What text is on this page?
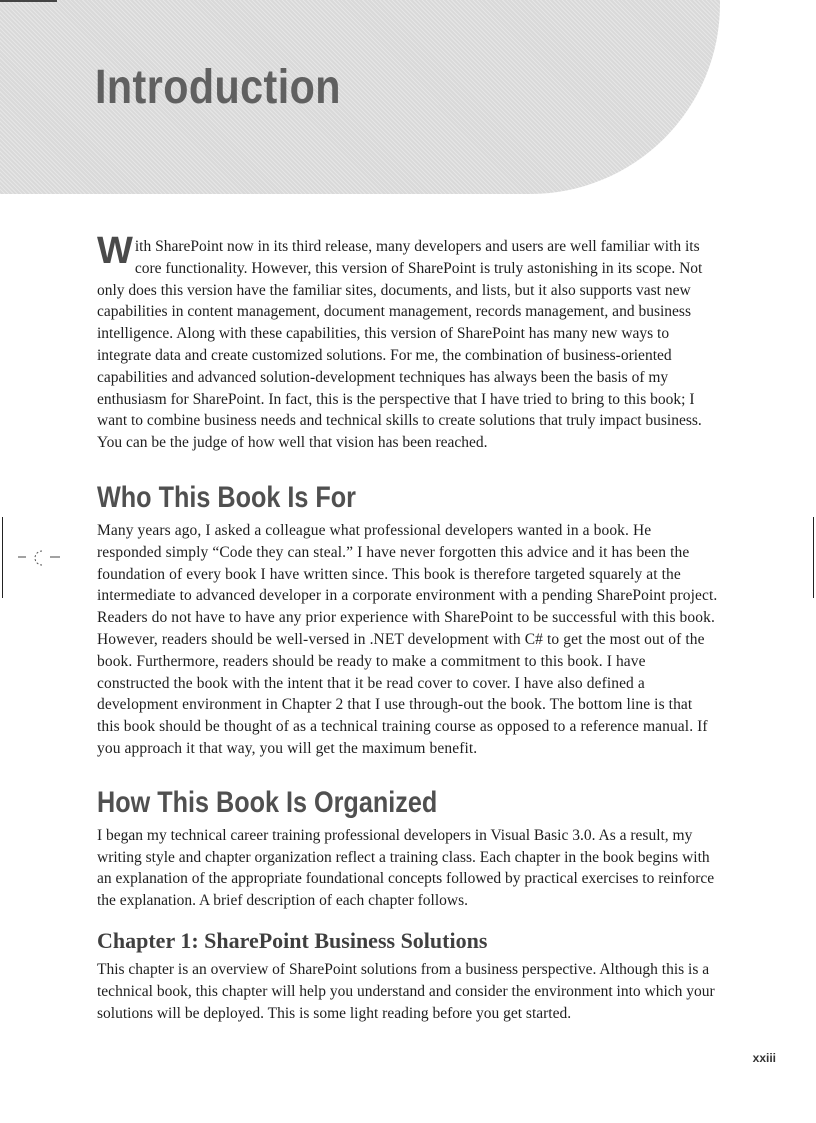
Introduction

With SharePoint now in its third release, many developers and users are well familiar with its core functionality. However, this version of SharePoint is truly astonishing in its scope. Not only does this version have the familiar sites, documents, and lists, but it also supports vast new capabilities in content management, document management, records management, and business intelligence. Along with these capabilities, this version of SharePoint has many new ways to integrate data and create customized solutions. For me, the combination of business-oriented capabilities and advanced solution-development techniques has always been the basis of my enthusiasm for SharePoint. In fact, this is the perspective that I have tried to bring to this book; I want to combine business needs and technical skills to create solutions that truly impact business. You can be the judge of how well that vision has been reached.

Who This Book Is For

Many years ago, I asked a colleague what professional developers wanted in a book. He responded simply “Code they can steal.” I have never forgotten this advice and it has been the foundation of every book I have written since. This book is therefore targeted squarely at the intermediate to advanced developer in a corporate environment with a pending SharePoint project. Readers do not have to have any prior experience with SharePoint to be successful with this book. However, readers should be well-versed in .NET development with C# to get the most out of the book. Furthermore, readers should be ready to make a commitment to this book. I have constructed the book with the intent that it be read cover to cover. I have also defined a development environment in Chapter 2 that I use through-out the book. The bottom line is that this book should be thought of as a technical training course as opposed to a reference manual. If you approach it that way, you will get the maximum benefit.

How This Book Is Organized

I began my technical career training professional developers in Visual Basic 3.0. As a result, my writing style and chapter organization reflect a training class. Each chapter in the book begins with an explanation of the appropriate foundational concepts followed by practical exercises to reinforce the explanation. A brief description of each chapter follows.

Chapter 1: SharePoint Business Solutions

This chapter is an overview of SharePoint solutions from a business perspective. Although this is a technical book, this chapter will help you understand and consider the environment into which your solutions will be deployed. This is some light reading before you get started.

xxiii
